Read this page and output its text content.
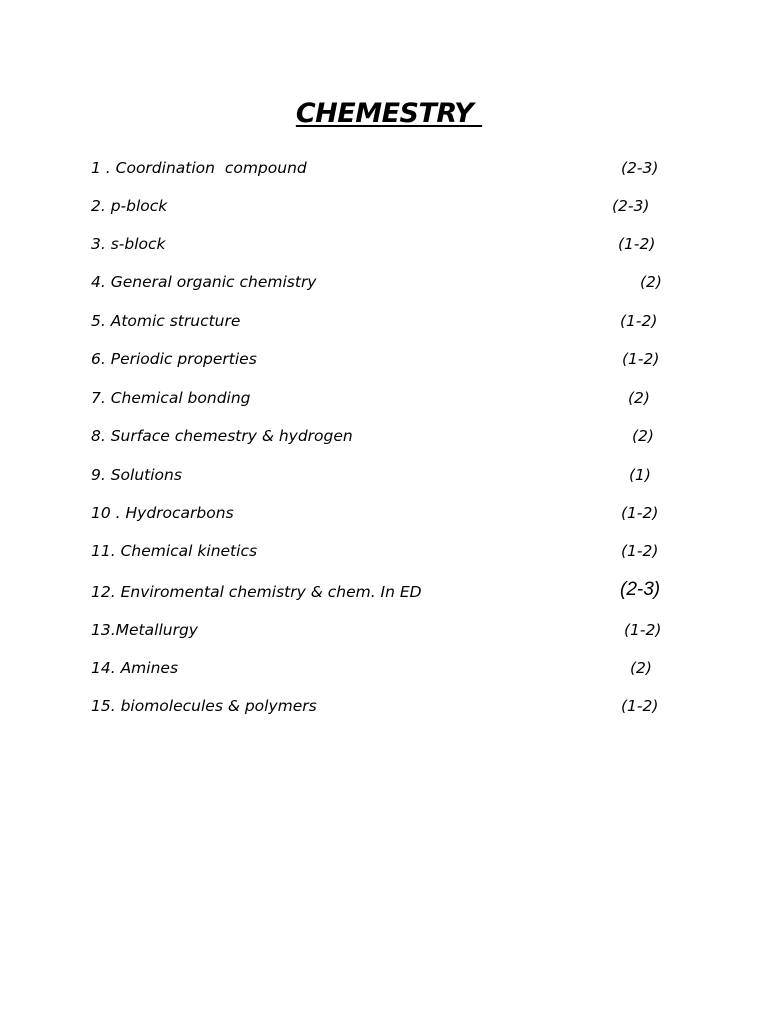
CHEMESTRY
1 . Coordination  compound	(2-3)
2. p-block	(2-3)
3. s-block	(1-2)
4. General organic chemistry	(2)
5. Atomic structure	(1-2)
6. Periodic properties	(1-2)
7. Chemical bonding	(2)
8. Surface chemestry & hydrogen	(2)
9. Solutions	(1)
10 . Hydrocarbons	(1-2)
11. Chemical kinetics	(1-2)
12. Enviromental chemistry & chem. In ED	(2-3)
13.Metallurgy	(1-2)
14. Amines	(2)
15. biomolecules & polymers	(1-2)
